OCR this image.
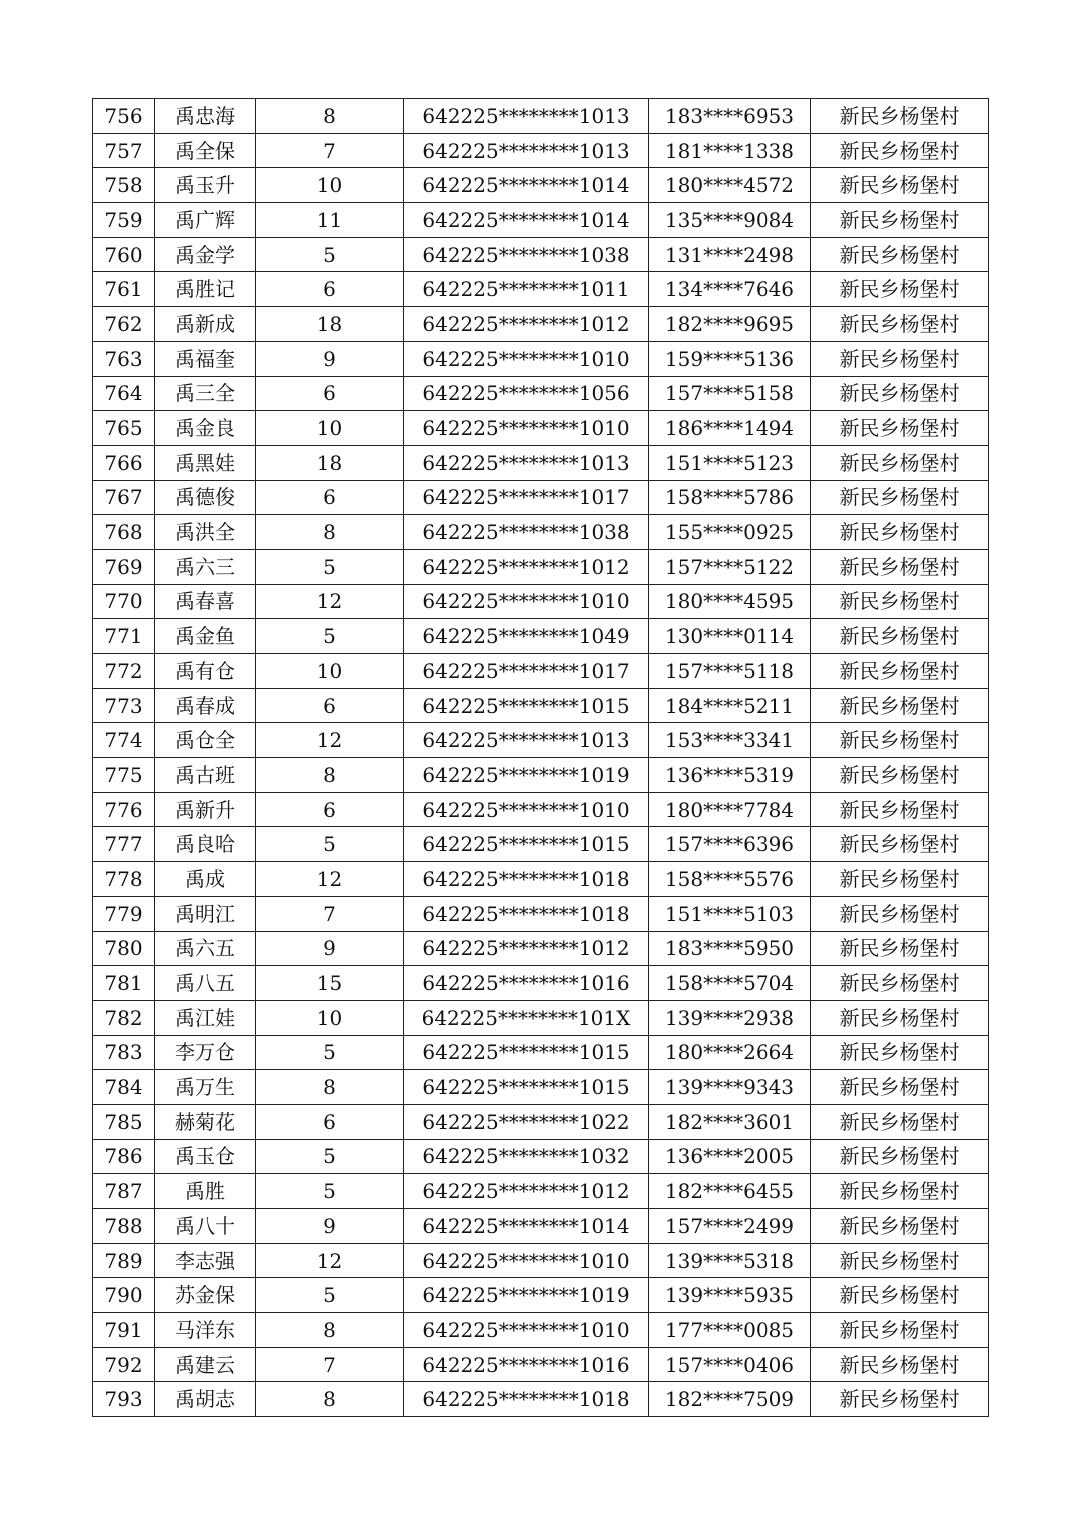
756	禹忠海	8	642225********1013	183****6953	新民乡杨堡村
757	禹全保	7	642225********1013	181****1338	新民乡杨堡村
758	禹玉升	10	642225********1014	180****4572	新民乡杨堡村
759	禹广辉	11	642225********1014	135****9084	新民乡杨堡村
760	禹金学	5	642225********1038	131****2498	新民乡杨堡村
761	禹胜记	6	642225********1011	134****7646	新民乡杨堡村
762	禹新成	18	642225********1012	182****9695	新民乡杨堡村
763	禹福奎	9	642225********1010	159****5136	新民乡杨堡村
764	禹三全	6	642225********1056	157****5158	新民乡杨堡村
765	禹金良	10	642225********1010	186****1494	新民乡杨堡村
766	禹黑娃	18	642225********1013	151****5123	新民乡杨堡村
767	禹德俊	6	642225********1017	158****5786	新民乡杨堡村
768	禹洪全	8	642225********1038	155****0925	新民乡杨堡村
769	禹六三	5	642225********1012	157****5122	新民乡杨堡村
770	禹春喜	12	642225********1010	180****4595	新民乡杨堡村
771	禹金鱼	5	642225********1049	130****0114	新民乡杨堡村
772	禹有仓	10	642225********1017	157****5118	新民乡杨堡村
773	禹春成	6	642225********1015	184****5211	新民乡杨堡村
774	禹仓全	12	642225********1013	153****3341	新民乡杨堡村
775	禹古班	8	642225********1019	136****5319	新民乡杨堡村
776	禹新升	6	642225********1010	180****7784	新民乡杨堡村
777	禹良哈	5	642225********1015	157****6396	新民乡杨堡村
778	禹成	12	642225********1018	158****5576	新民乡杨堡村
779	禹明江	7	642225********1018	151****5103	新民乡杨堡村
780	禹六五	9	642225********1012	183****5950	新民乡杨堡村
781	禹八五	15	642225********1016	158****5704	新民乡杨堡村
782	禹江娃	10	642225********101X	139****2938	新民乡杨堡村
783	李万仓	5	642225********1015	180****2664	新民乡杨堡村
784	禹万生	8	642225********1015	139****9343	新民乡杨堡村
785	赫菊花	6	642225********1022	182****3601	新民乡杨堡村
786	禹玉仓	5	642225********1032	136****2005	新民乡杨堡村
787	禹胜	5	642225********1012	182****6455	新民乡杨堡村
788	禹八十	9	642225********1014	157****2499	新民乡杨堡村
789	李志强	12	642225********1010	139****5318	新民乡杨堡村
790	苏金保	5	642225********1019	139****5935	新民乡杨堡村
791	马洋东	8	642225********1010	177****0085	新民乡杨堡村
792	禹建云	7	642225********1016	157****0406	新民乡杨堡村
793	禹胡志	8	642225********1018	182****7509	新民乡杨堡村
